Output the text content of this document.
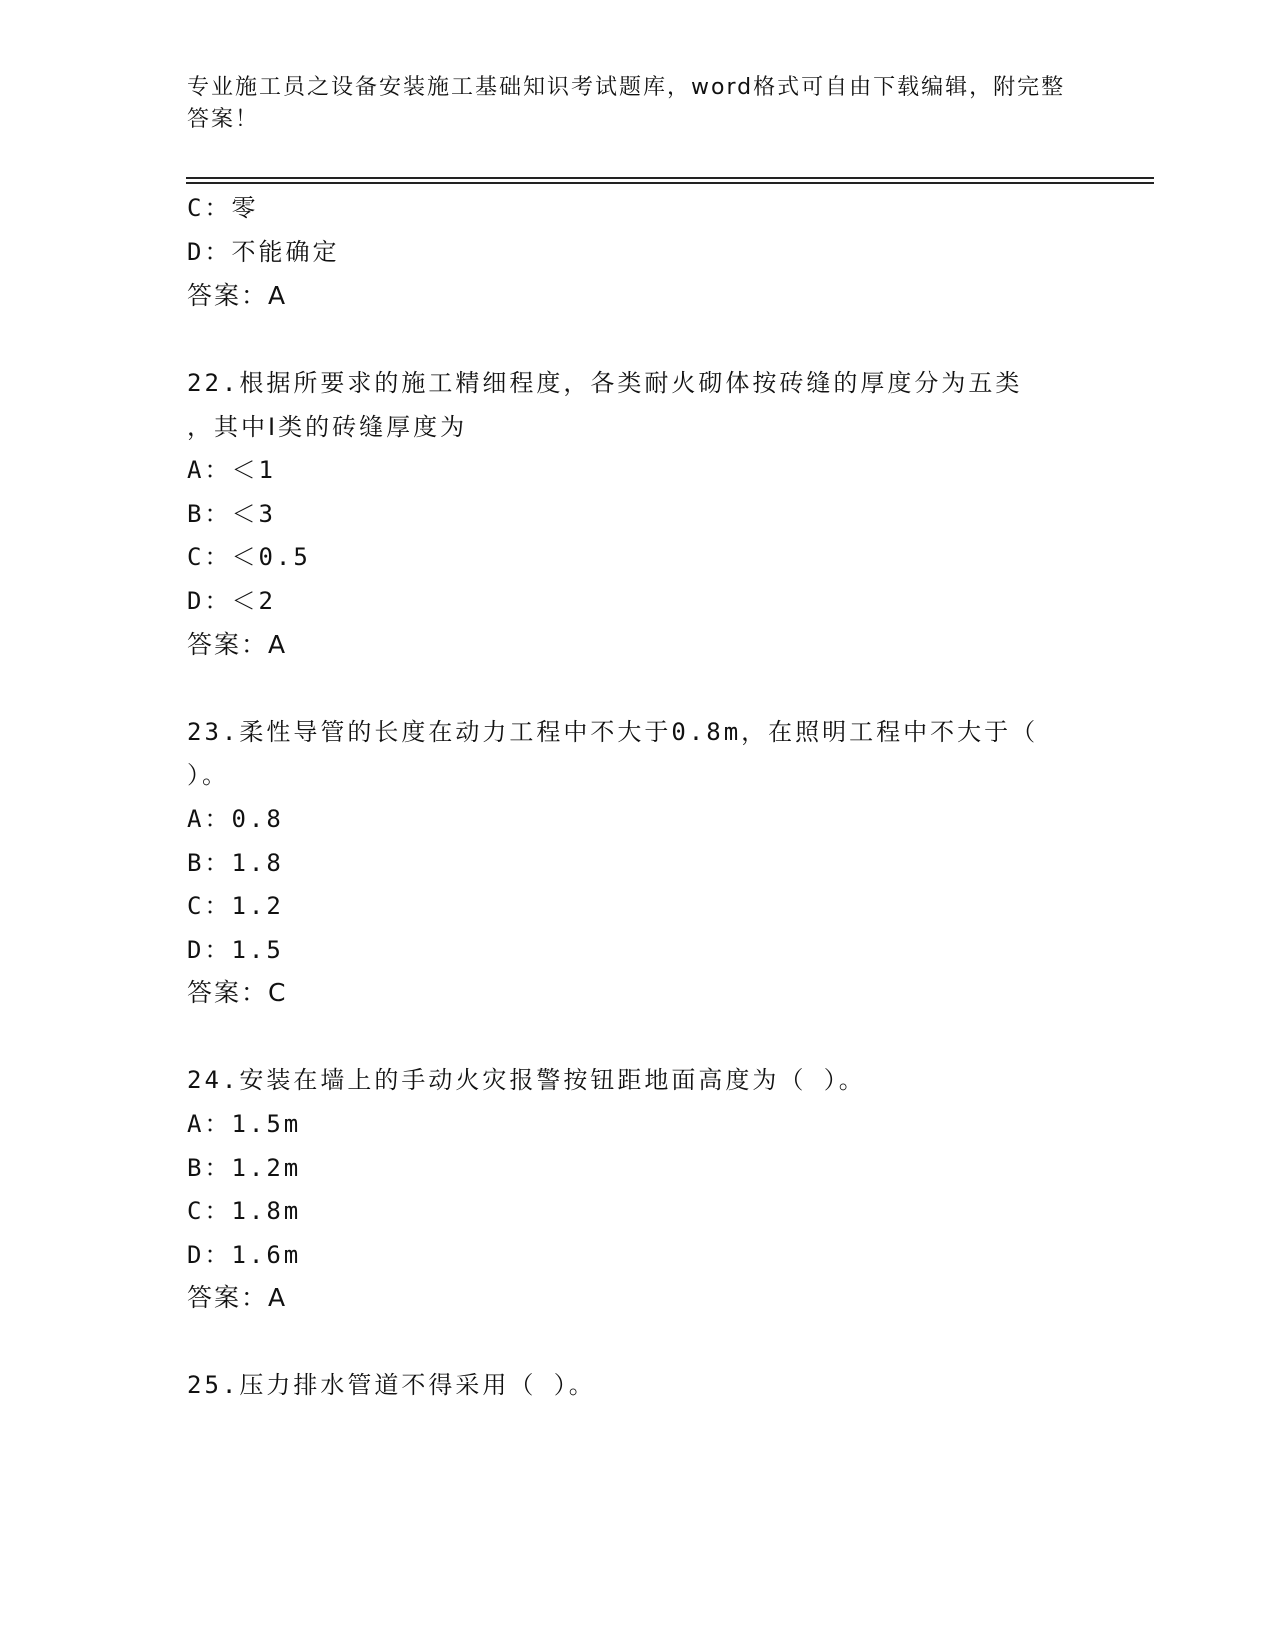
专业施工员之设备安装施工基础知识考试题库，word格式可自由下载编辑，附完整答案！

C：零

D：不能确定

答案：A

22.根据所要求的施工精细程度，各类耐火砌体按砖缝的厚度分为五类

，其中Ⅰ类的砖缝厚度为

A：＜1

B：＜3

C：＜0.5

D：＜2

答案：A

23.柔性导管的长度在动力工程中不大于0.8m，在照明工程中不大于（

）。

A：0.8

B：1.8

C：1.2

D：1.5

答案：C

24.安装在墙上的手动火灾报警按钮距地面高度为（ ）。

A：1.5m

B：1.2m

C：1.8m

D：1.6m

答案：A

25.压力排水管道不得采用（ ）。
